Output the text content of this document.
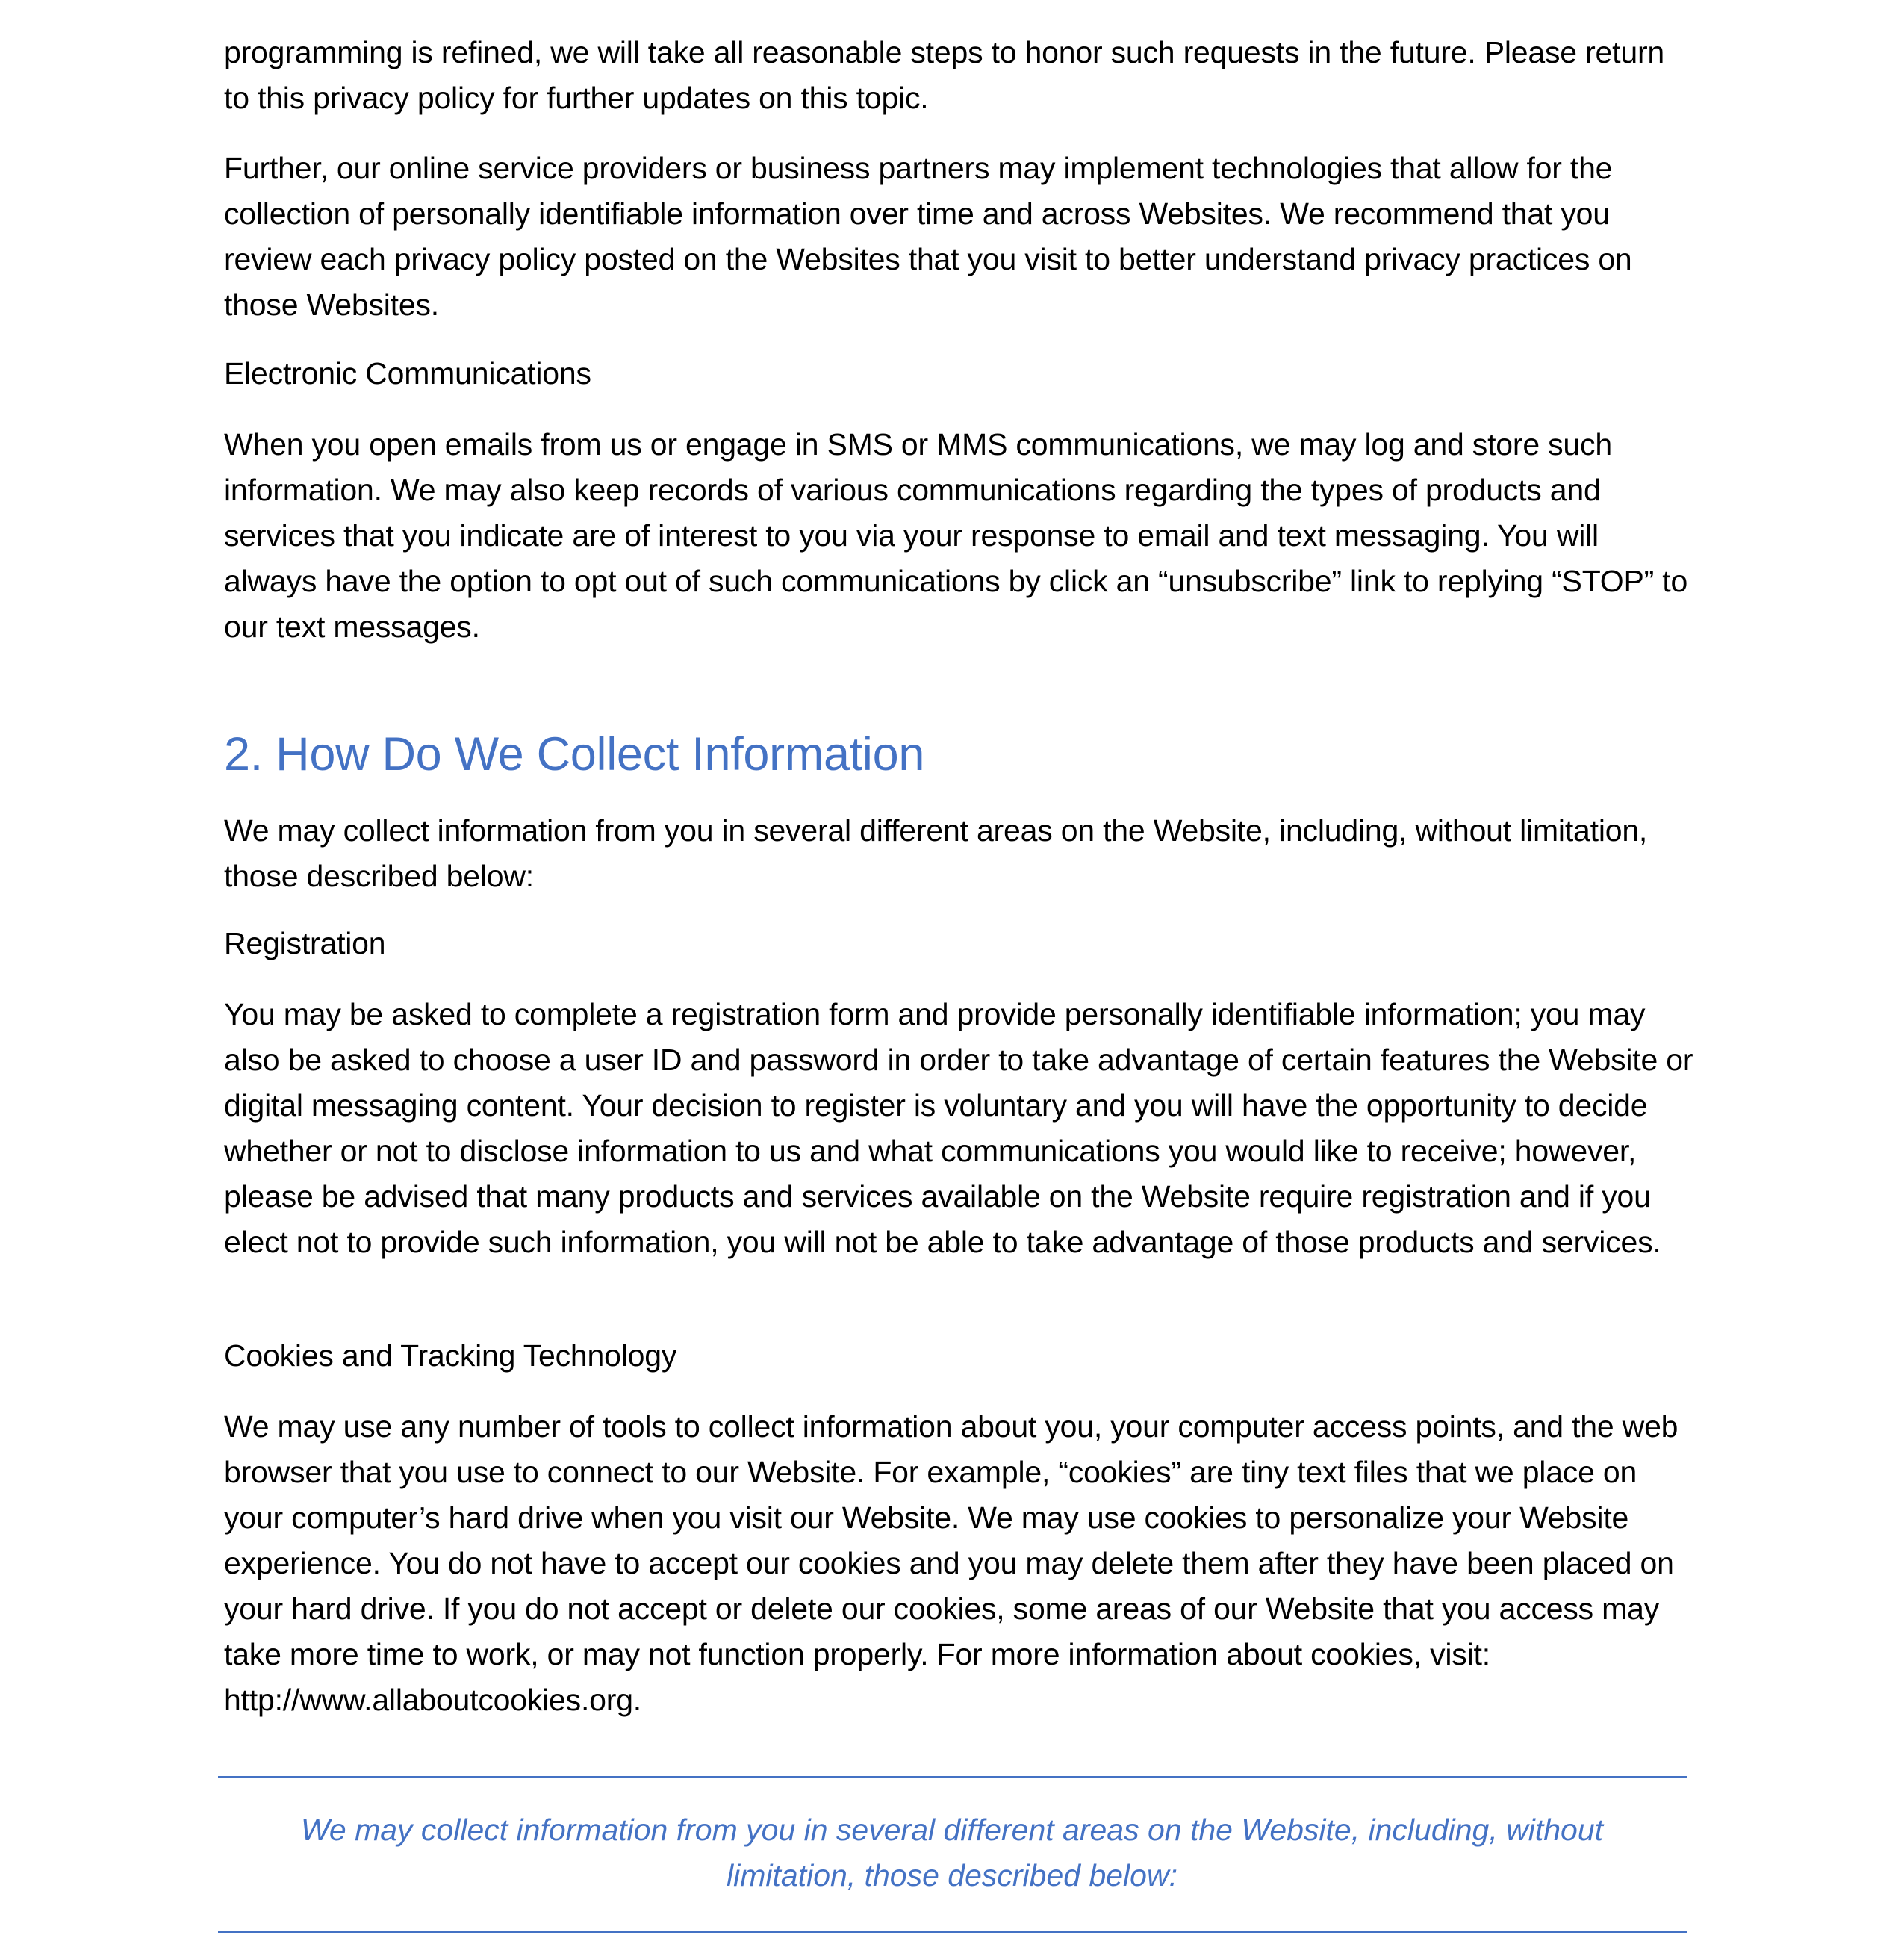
programming is refined, we will take all reasonable steps to honor such requests in the future. Please return to this privacy policy for further updates on this topic.

Further, our online service providers or business partners may implement technologies that allow for the collection of personally identifiable information over time and across Websites. We recommend that you review each privacy policy posted on the Websites that you visit to better understand privacy practices on those Websites.

Electronic Communications

When you open emails from us or engage in SMS or MMS communications, we may log and store such information. We may also keep records of various communications regarding the types of products and services that you indicate are of interest to you via your response to email and text messaging. You will always have the option to opt out of such communications by click an “unsubscribe” link to replying “STOP” to our text messages.

2. How Do We Collect Information

We may collect information from you in several different areas on the Website, including, without limitation, those described below:

Registration

You may be asked to complete a registration form and provide personally identifiable information; you may also be asked to choose a user ID and password in order to take advantage of certain features the Website or digital messaging content. Your decision to register is voluntary and you will have the opportunity to decide whether or not to disclose information to us and what communications you would like to receive; however, please be advised that many products and services available on the Website require registration and if you elect not to provide such information, you will not be able to take advantage of those products and services.

Cookies and Tracking Technology

We may use any number of tools to collect information about you, your computer access points, and the web browser that you use to connect to our Website. For example, “cookies” are tiny text files that we place on your computer’s hard drive when you visit our Website. We may use cookies to personalize your Website experience. You do not have to accept our cookies and you may delete them after they have been placed on your hard drive. If you do not accept or delete our cookies, some areas of our Website that you access may take more time to work, or may not function properly. For more information about cookies, visit: http://www.allaboutcookies.org.

We may collect information from you in several different areas on the Website, including, without limitation, those described below:
